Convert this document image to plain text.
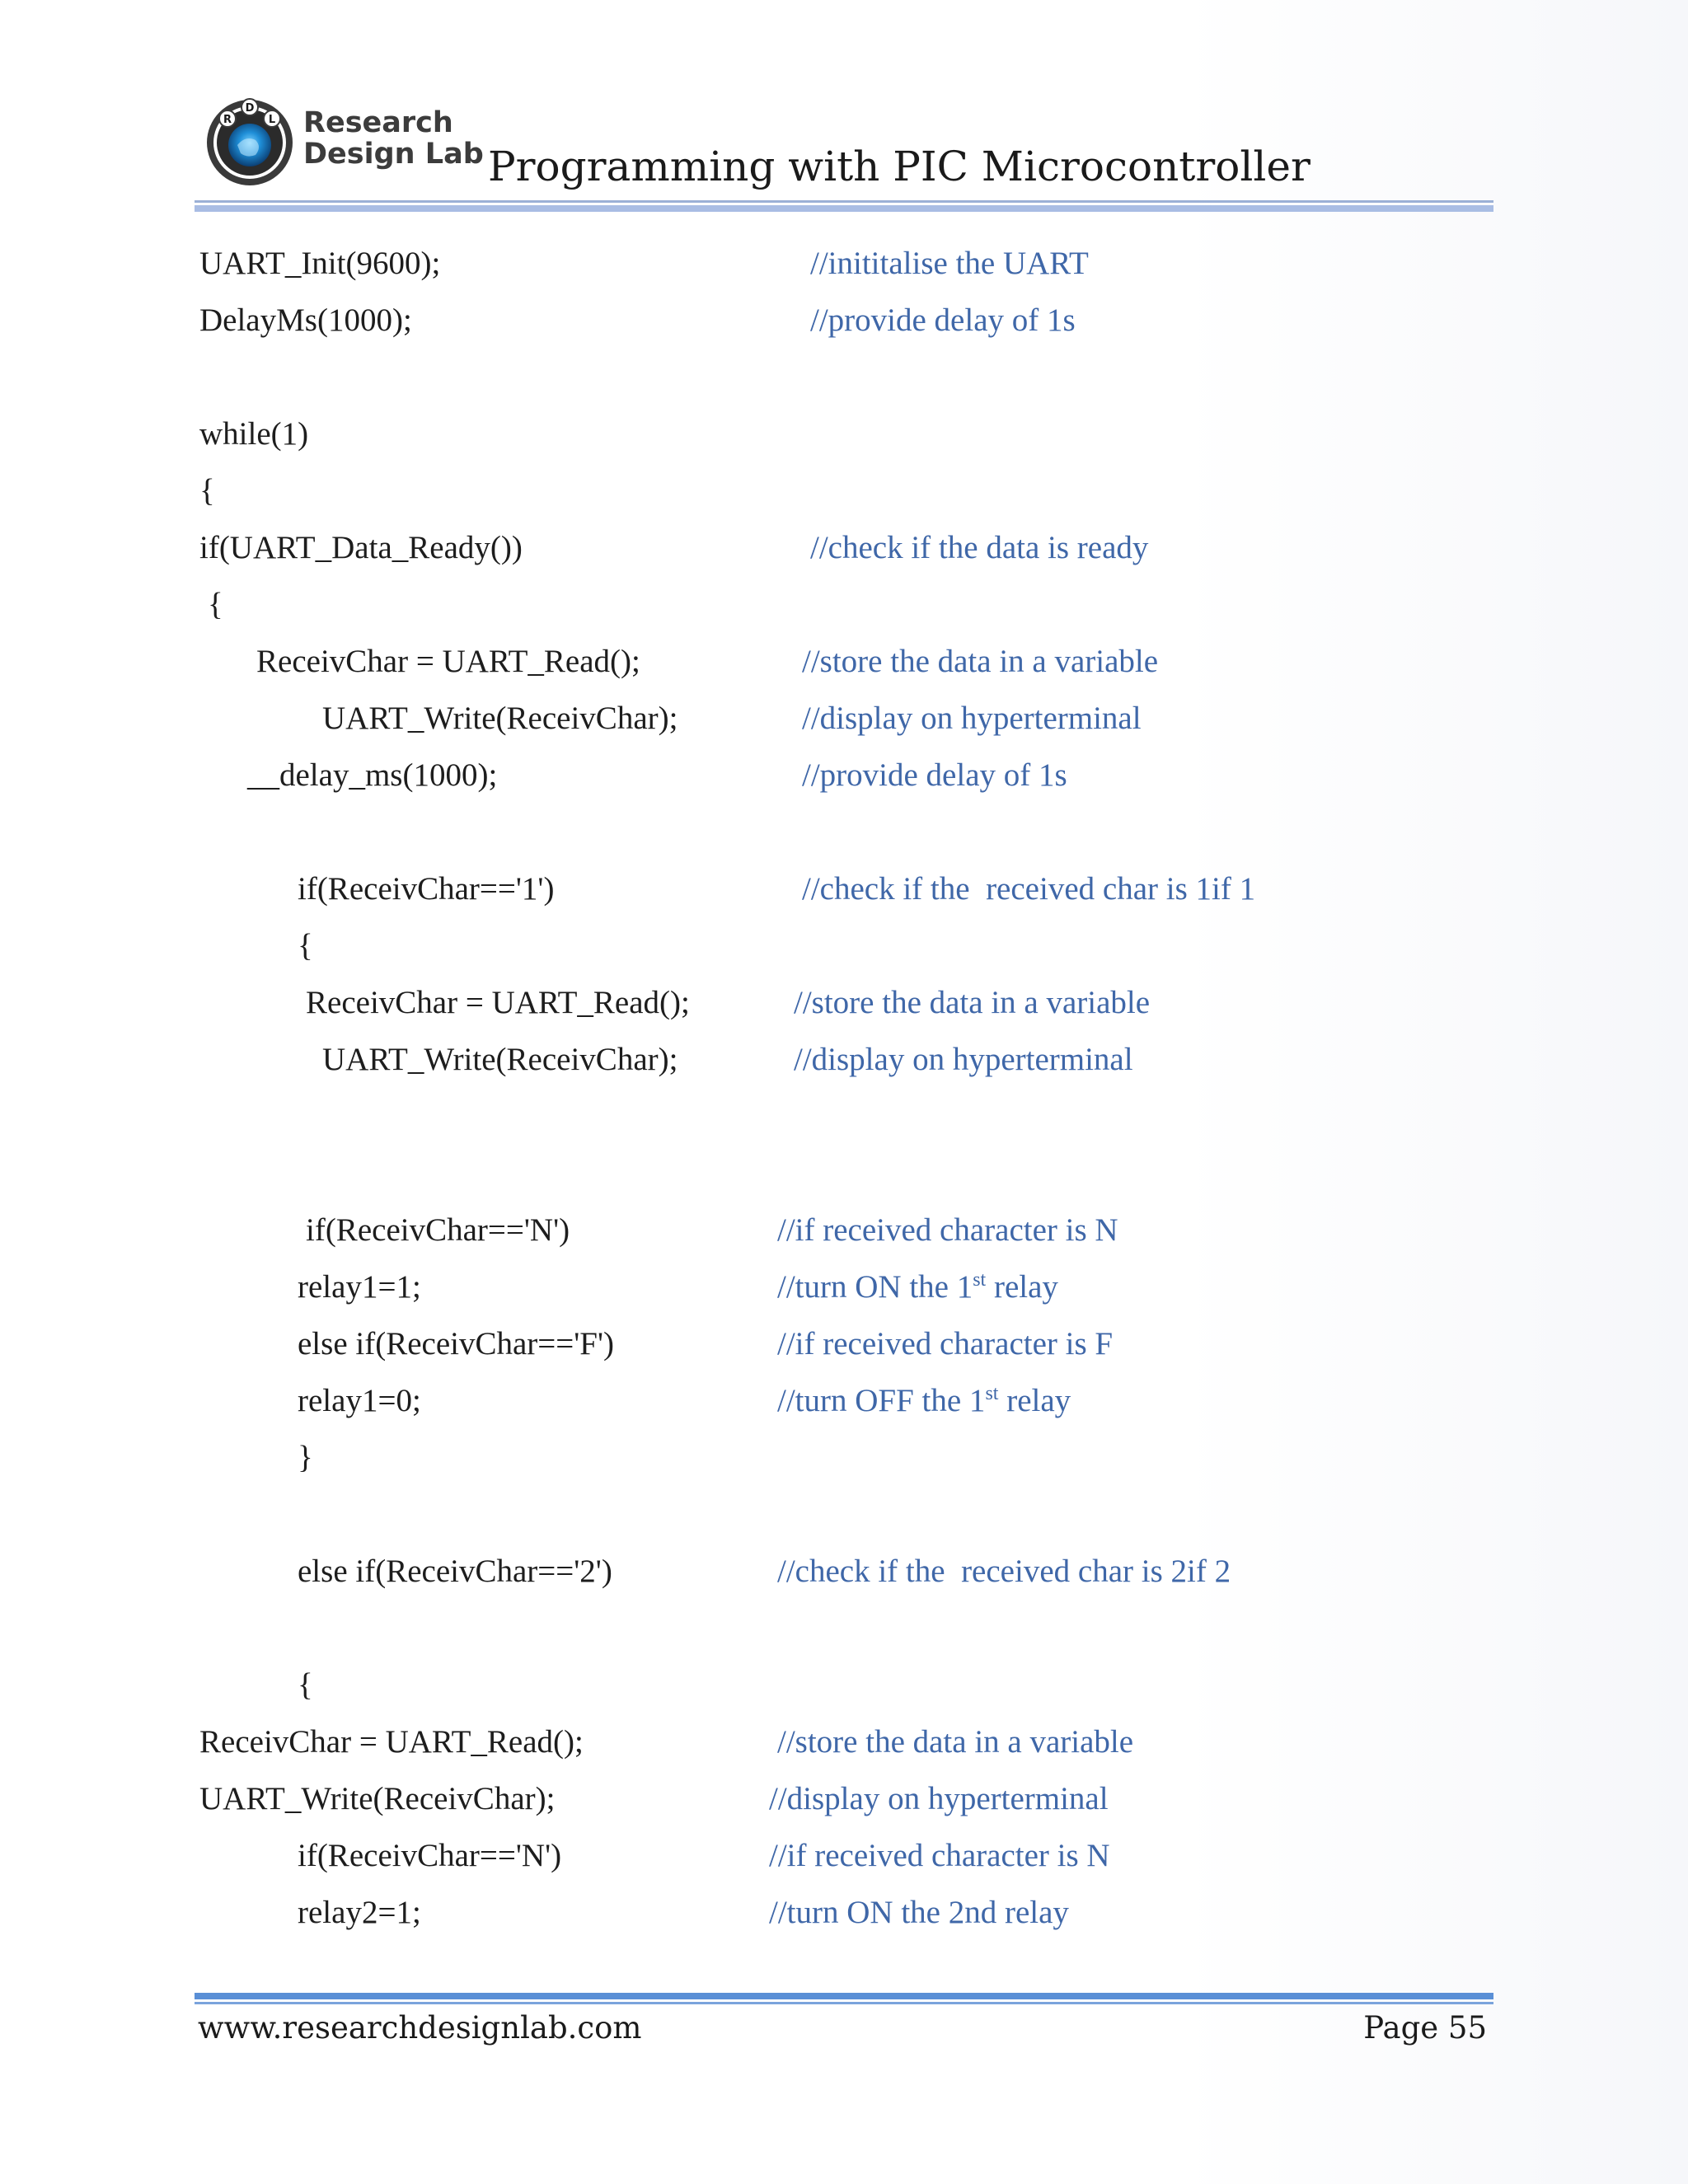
R
D
L Research
Design Lab Programming with PIC Microcontroller
UART_Init(9600);	//inititalise the UART
DelayMs(1000);	//provide delay of 1s
while(1)
{
if(UART_Data_Ready())	//check if the data is ready
{
ReceivChar = UART_Read();	//store the data in a variable
UART_Write(ReceivChar);	//display on hyperterminal
__delay_ms(1000);	//provide delay of 1s
if(ReceivChar=='1')	//check if the  received char is 1if 1
{
ReceivChar = UART_Read();	//store the data in a variable
UART_Write(ReceivChar);	//display on hyperterminal
if(ReceivChar=='N')	//if received character is N
relay1=1;	//turn ON the 1st relay
else if(ReceivChar=='F')	//if received character is F
relay1=0;	//turn OFF the 1st relay
}
else if(ReceivChar=='2')	//check if the  received char is 2if 2
{
ReceivChar = UART_Read();	//store the data in a variable
UART_Write(ReceivChar);	//display on hyperterminal
if(ReceivChar=='N')	//if received character is N
relay2=1;	//turn ON the 2nd relay
www.researchdesignlab.com	Page 55
